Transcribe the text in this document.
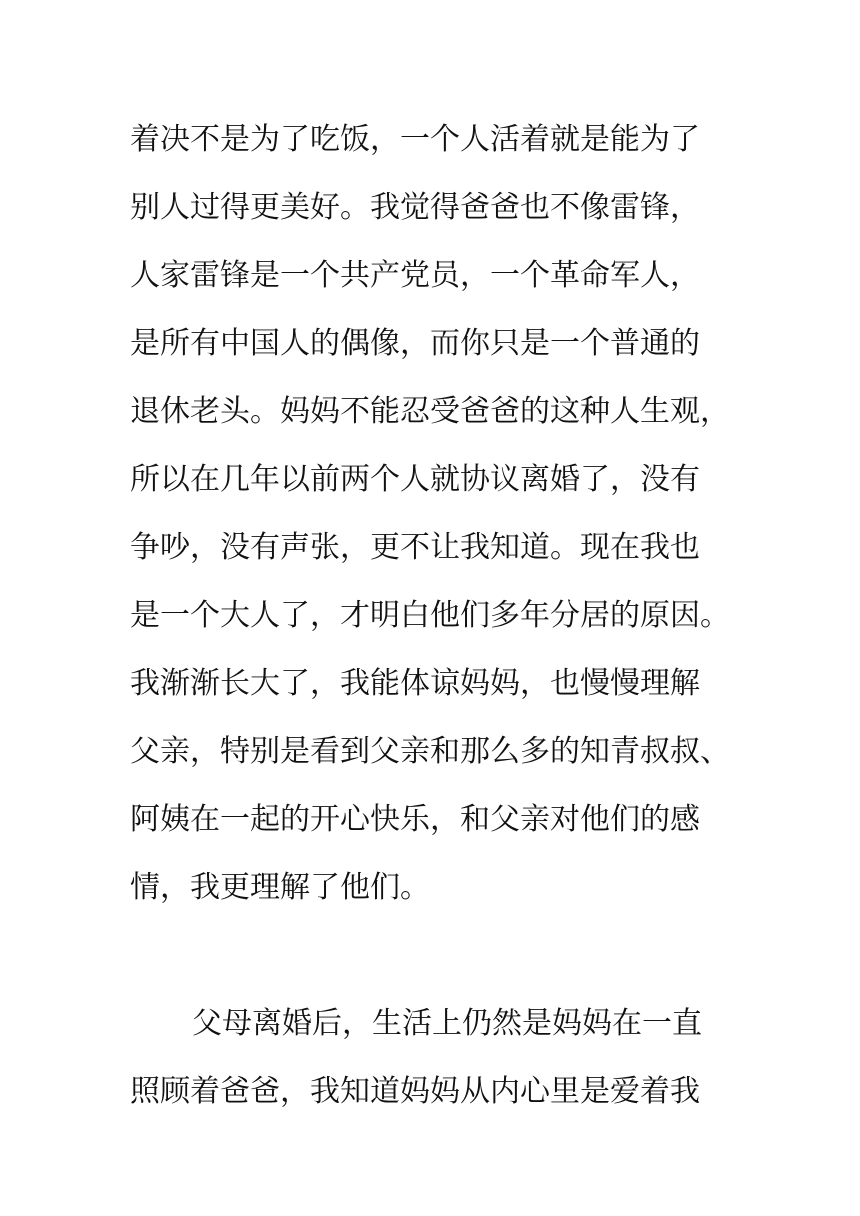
着决不是为了吃饭，一个人活着就是能为了
别人过得更美好。我觉得爸爸也不像雷锋，
人家雷锋是一个共产党员，一个革命军人，
是所有中国人的偶像，而你只是一个普通的
退休老头。妈妈不能忍受爸爸的这种人生观，
所以在几年以前两个人就协议离婚了，没有
争吵，没有声张，更不让我知道。现在我也
是一个大人了，才明白他们多年分居的原因。
我渐渐长大了，我能体谅妈妈，也慢慢理解
父亲，特别是看到父亲和那么多的知青叔叔、
阿姨在一起的开心快乐，和父亲对他们的感
情，我更理解了他们。
父母离婚后，生活上仍然是妈妈在一直
照顾着爸爸，我知道妈妈从内心里是爱着我
